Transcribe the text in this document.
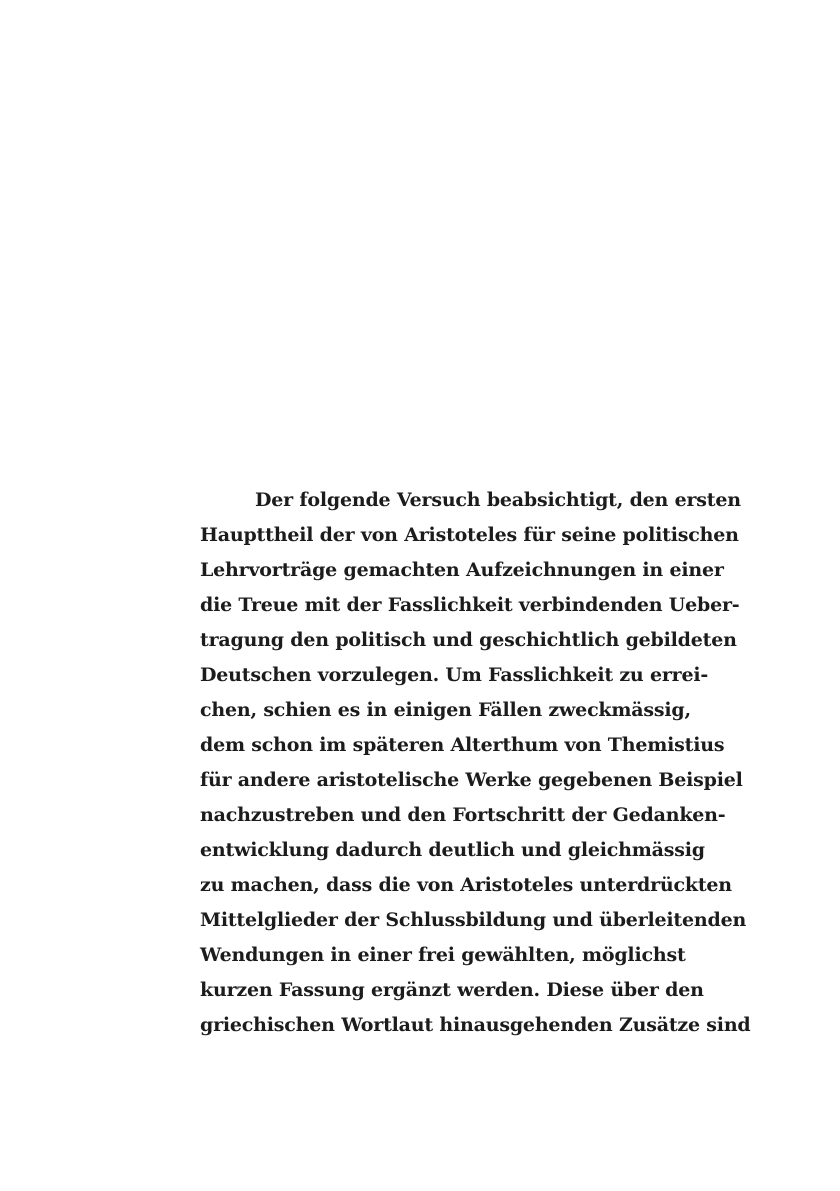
Der folgende Versuch beabsichtigt, den ersten
Haupttheil der von Aristoteles für seine politischen
Lehrvorträge gemachten Aufzeichnungen in einer
die Treue mit der Fasslichkeit verbindenden Ueber-
tragung den politisch und geschichtlich gebildeten
Deutschen vorzulegen. Um Fasslichkeit zu errei-
chen, schien es in einigen Fällen zweckmässig,
dem schon im späteren Alterthum von Themistius
für andere aristotelische Werke gegebenen Beispiel
nachzustreben und den Fortschritt der Gedanken-
entwicklung dadurch deutlich und gleichmässig
zu machen, dass die von Aristoteles unterdrückten
Mittelglieder der Schlussbildung und überleitenden
Wendungen in einer frei gewählten, möglichst
kurzen Fassung ergänzt werden. Diese über den
griechischen Wortlaut hinausgehenden Zusätze sind
